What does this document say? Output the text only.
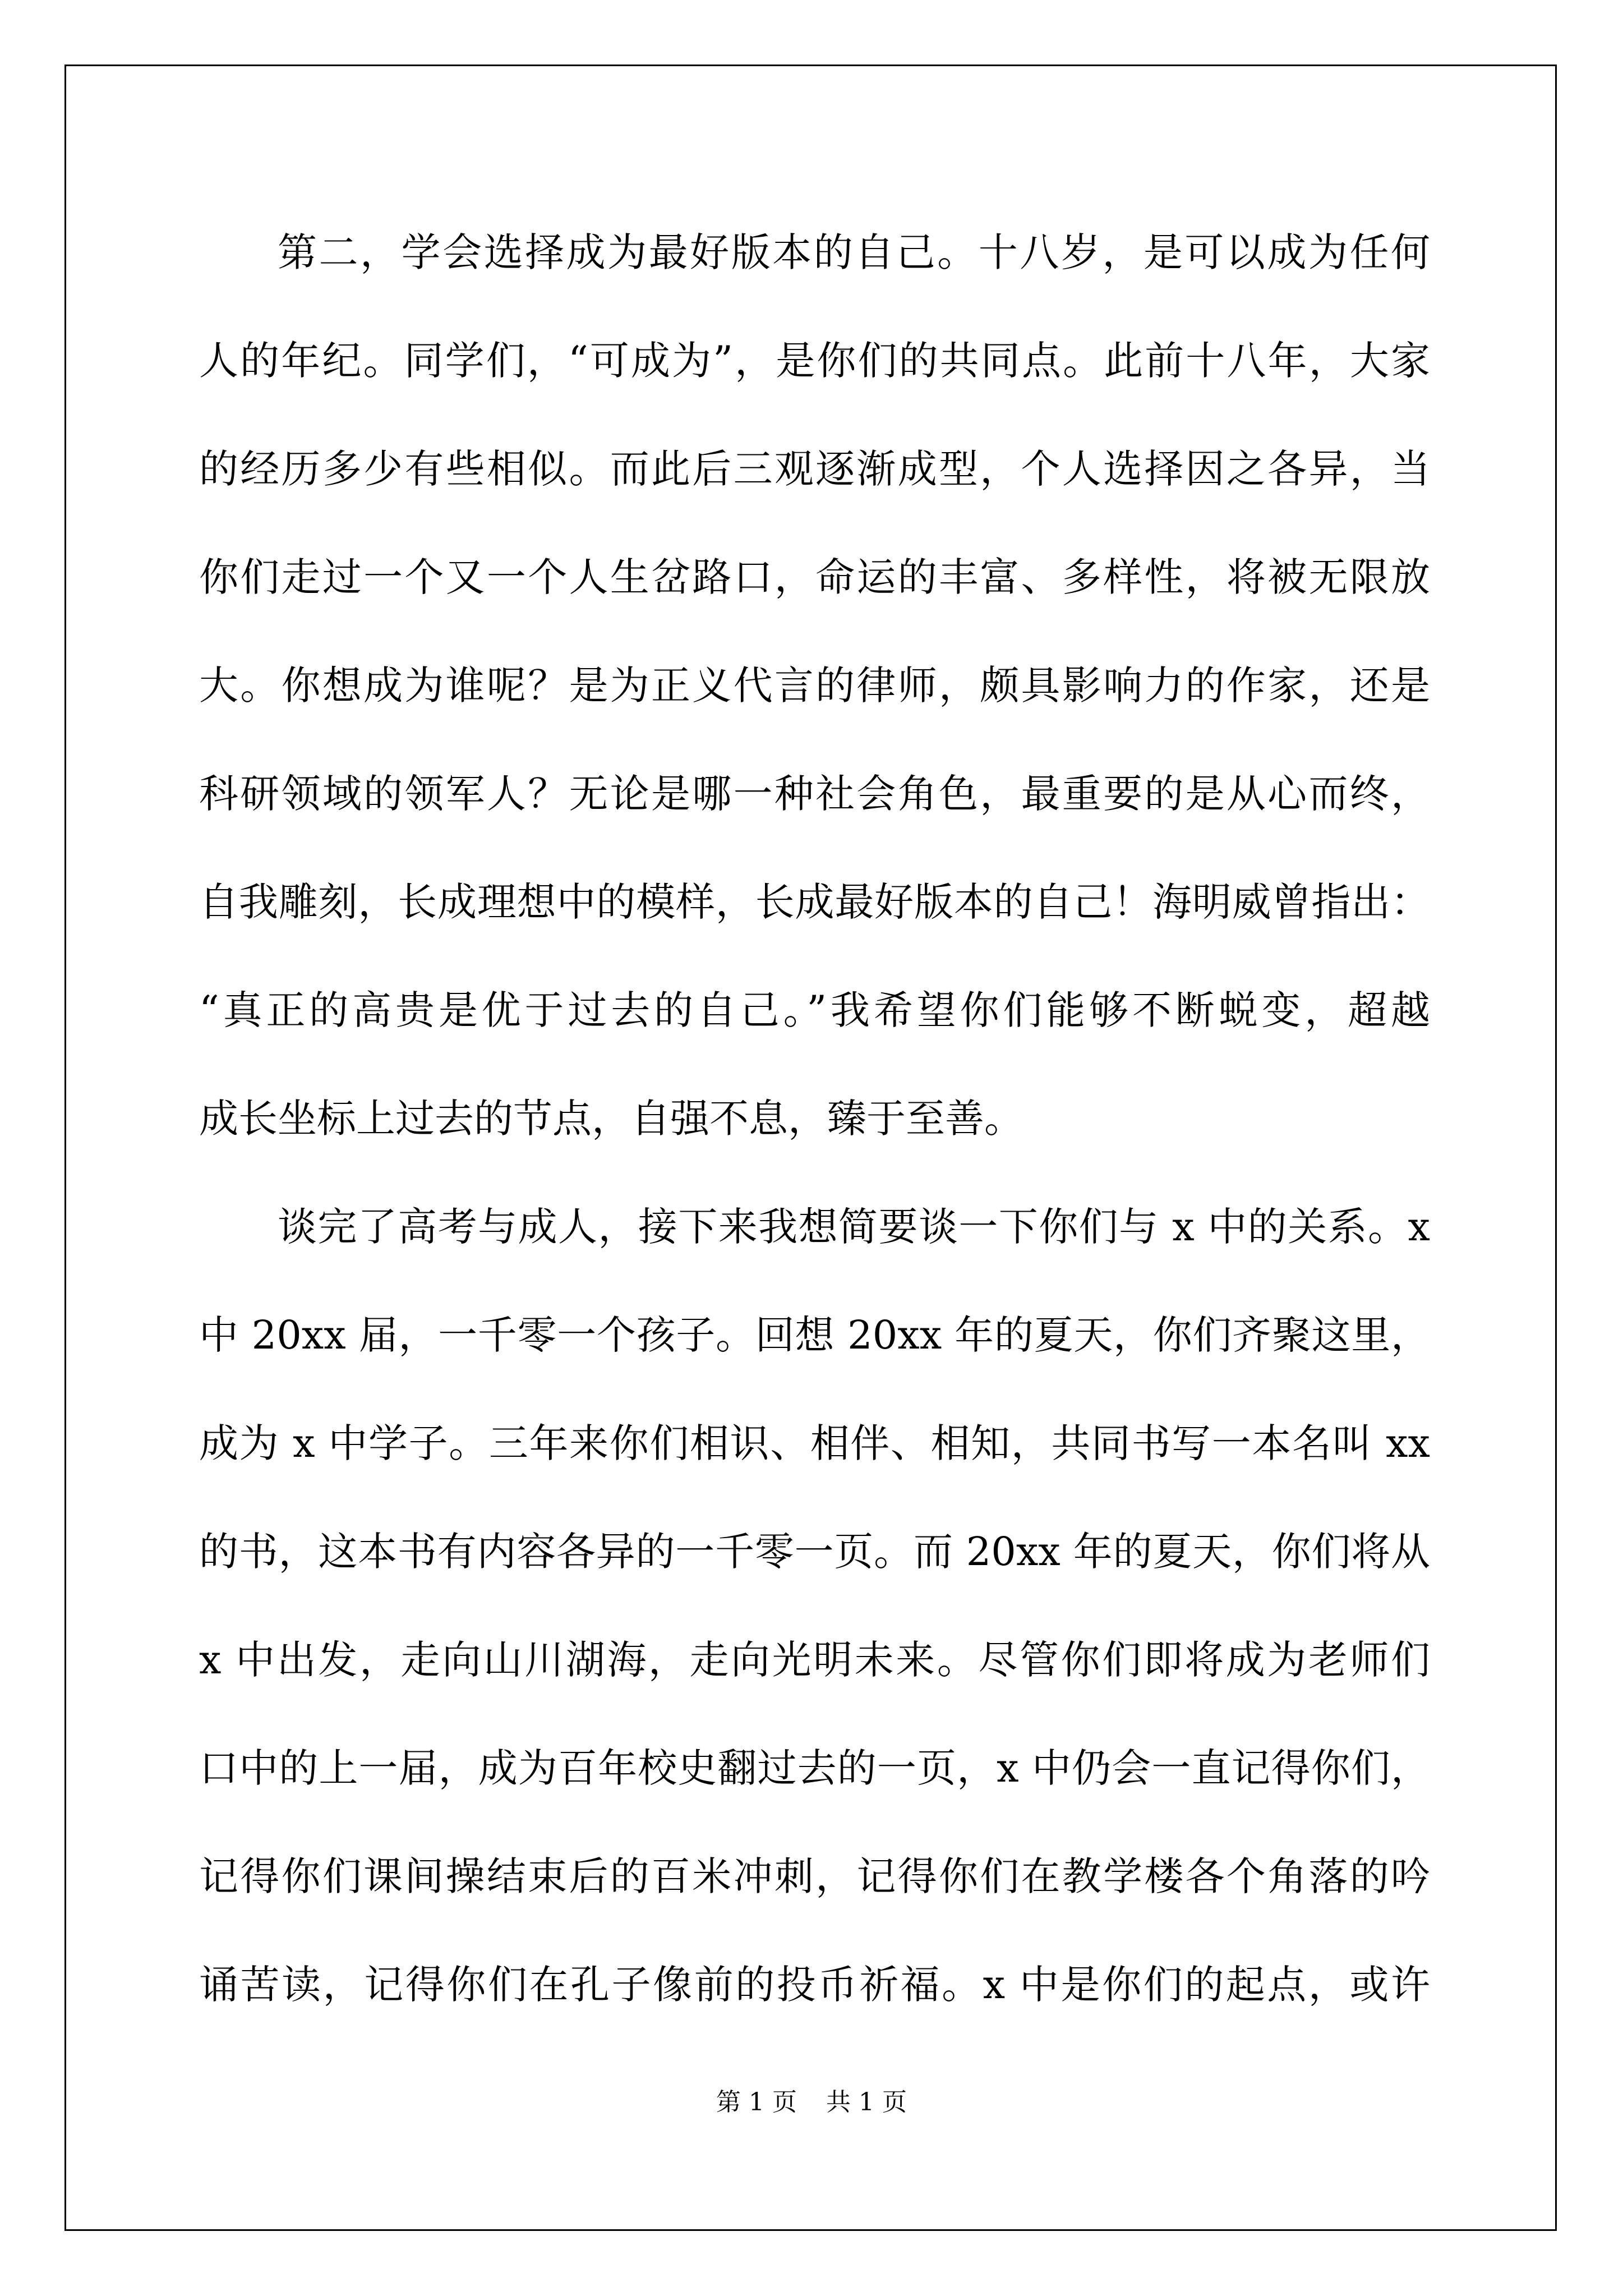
第二，学会选择成为最好版本的自己。十八岁，是可以成为任何
人的年纪。同学们，“可成为”，是你们的共同点。此前十八年，大家
的经历多少有些相似。而此后三观逐渐成型，个人选择因之各异，当
你们走过一个又一个人生岔路口，命运的丰富、多样性，将被无限放
大。你想成为谁呢？是为正义代言的律师，颇具影响力的作家，还是
科研领域的领军人？无论是哪一种社会角色，最重要的是从心而终，
自我雕刻，长成理想中的模样，长成最好版本的自己！海明威曾指出：
“真正的高贵是优于过去的自己。”我希望你们能够不断蜕变，超越
成长坐标上过去的节点，自强不息，臻于至善。
谈完了高考与成人，接下来我想简要谈一下你们与 x 中的关系。x
中 20xx 届，一千零一个孩子。回想 20xx 年的夏天，你们齐聚这里，
成为 x 中学子。三年来你们相识、相伴、相知，共同书写一本名叫 xx
的书，这本书有内容各异的一千零一页。而 20xx 年的夏天，你们将从
x 中出发，走向山川湖海，走向光明未来。尽管你们即将成为老师们
口中的上一届，成为百年校史翻过去的一页，x 中仍会一直记得你们，
记得你们课间操结束后的百米冲刺，记得你们在教学楼各个角落的吟
诵苦读，记得你们在孔子像前的投币祈福。x 中是你们的起点，或许
第 1 页 共 1 页
